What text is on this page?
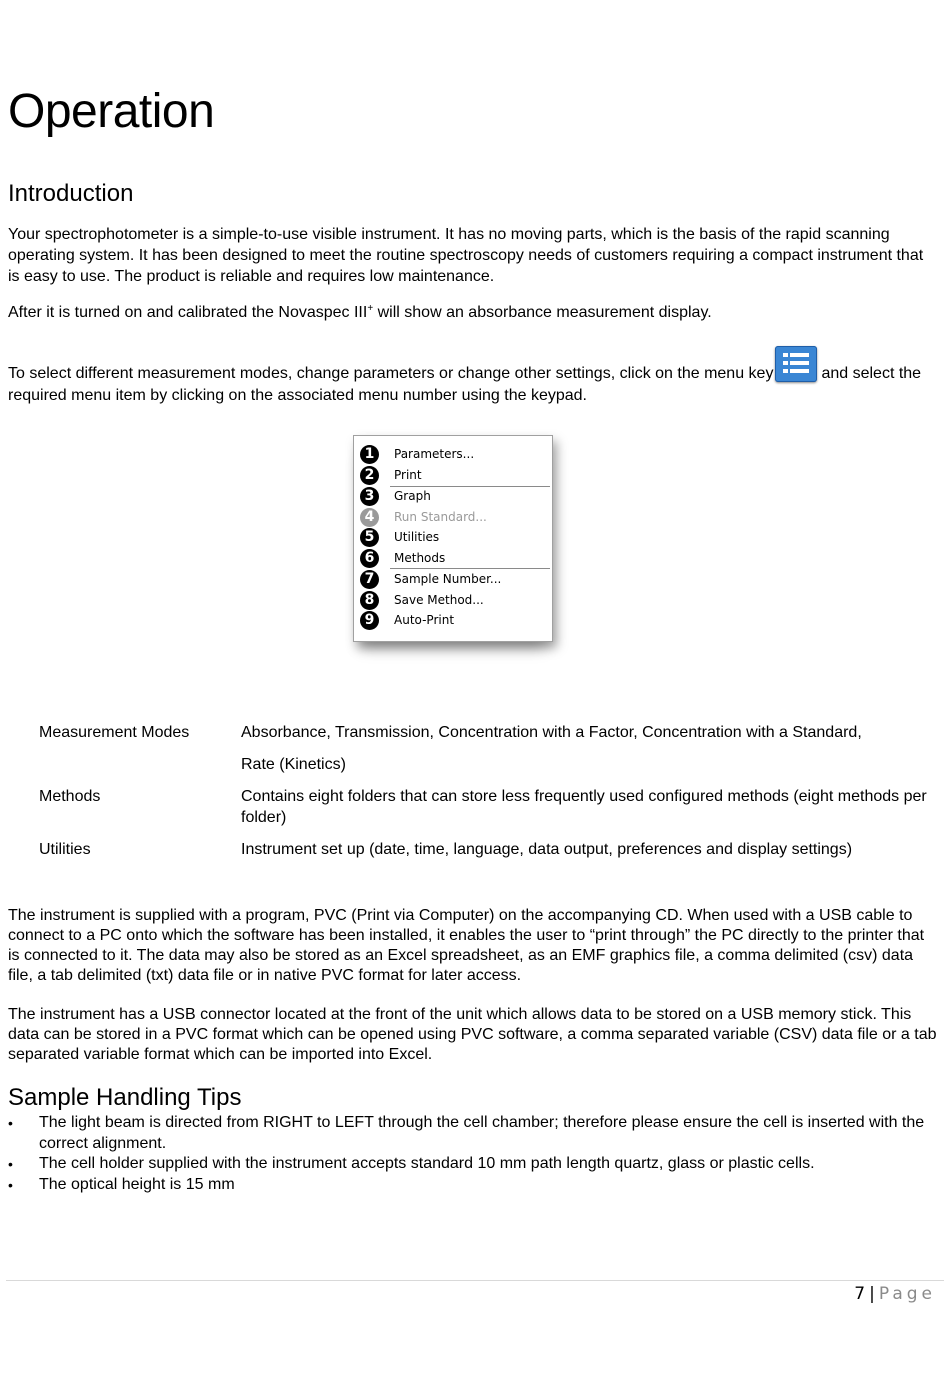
Operation
Introduction

Your spectrophotometer is a simple-to-use visible instrument. It has no moving parts, which is the basis of the rapid scanning operating system. It has been designed to meet the routine spectroscopy needs of customers requiring a compact instrument that is easy to use. The product is reliable and requires low maintenance.

After it is turned on and calibrated the Novaspec III+ will show an absorbance measurement display.

To select different measurement modes, change parameters or change other settings, click on the menu key	and select the required menu item by clicking on the associated menu number using the keypad.

1	Parameters...
2	Print
3	Graph
4	Run Standard...
5	Utilities
6	Methods
7	Sample Number...
8	Save Method...
9	Auto-Print
Measurement Modes	Absorbance, Transmission, Concentration with a Factor, Concentration with a Standard,
Rate (Kinetics)
Methods	Contains eight folders that can store less frequently used configured methods (eight methods per folder)
Utilities	Instrument set up (date, time, language, data output, preferences and display settings)

The instrument is supplied with a program, PVC (Print via Computer) on the accompanying CD. When used with a USB cable to connect to a PC onto which the software has been installed, it enables the user to “print through” the PC directly to the printer that is connected to it. The data may also be stored as an Excel spreadsheet, as an EMF graphics file, a comma delimited (csv) data file, a tab delimited (txt) data file or in native PVC format for later access.

The instrument has a USB connector located at the front of the unit which allows data to be stored on a USB memory stick. This data can be stored in a PVC format which can be opened using PVC software, a comma separated variable (CSV) data file or a tab separated variable format which can be imported into Excel.

Sample Handling Tips
• The light beam is directed from RIGHT to LEFT through the cell chamber; therefore please ensure the cell is inserted with the correct alignment.
• The cell holder supplied with the instrument accepts standard 10 mm path length quartz, glass or plastic cells.
• The optical height is 15 mm
7 | Page
